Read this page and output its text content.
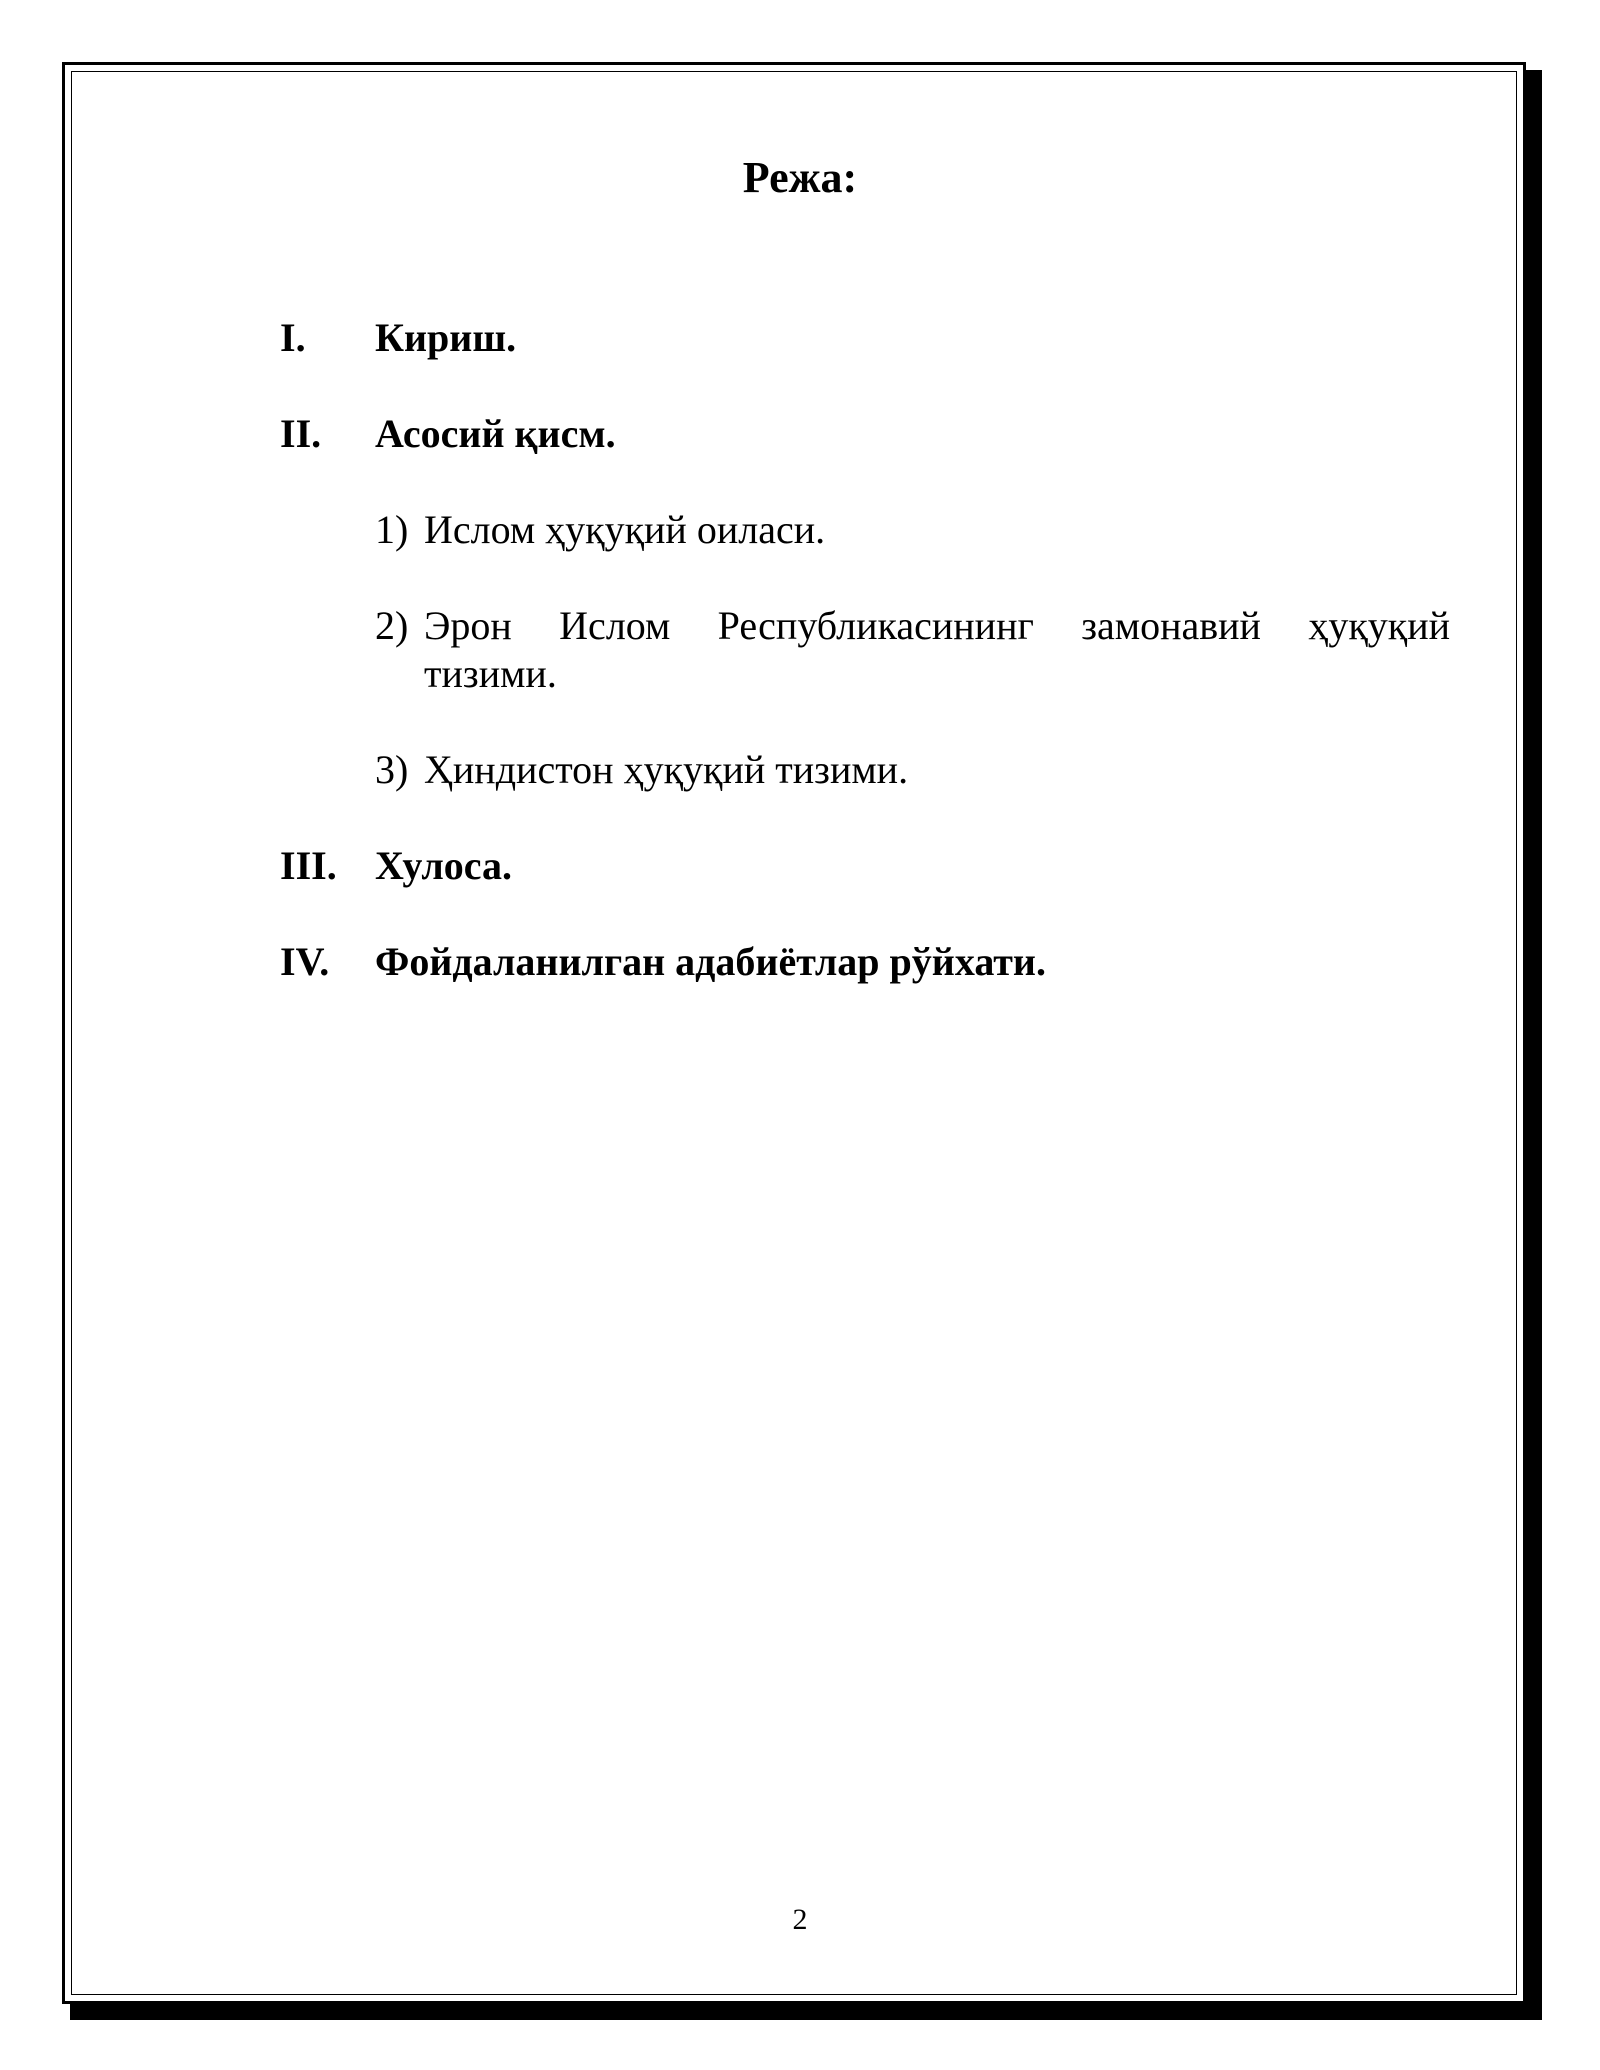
Режа:
I. Кириш.
II. Асосий қисм.
1) Ислом ҳуқуқий оиласи.
2) Эрон Ислом Республикасининг замонавий ҳуқуқий
тизими.
3) Ҳиндистон ҳуқуқий тизими.
III. Хулоса.
IV. Фойдаланилган адабиётлар рўйхати.
2
